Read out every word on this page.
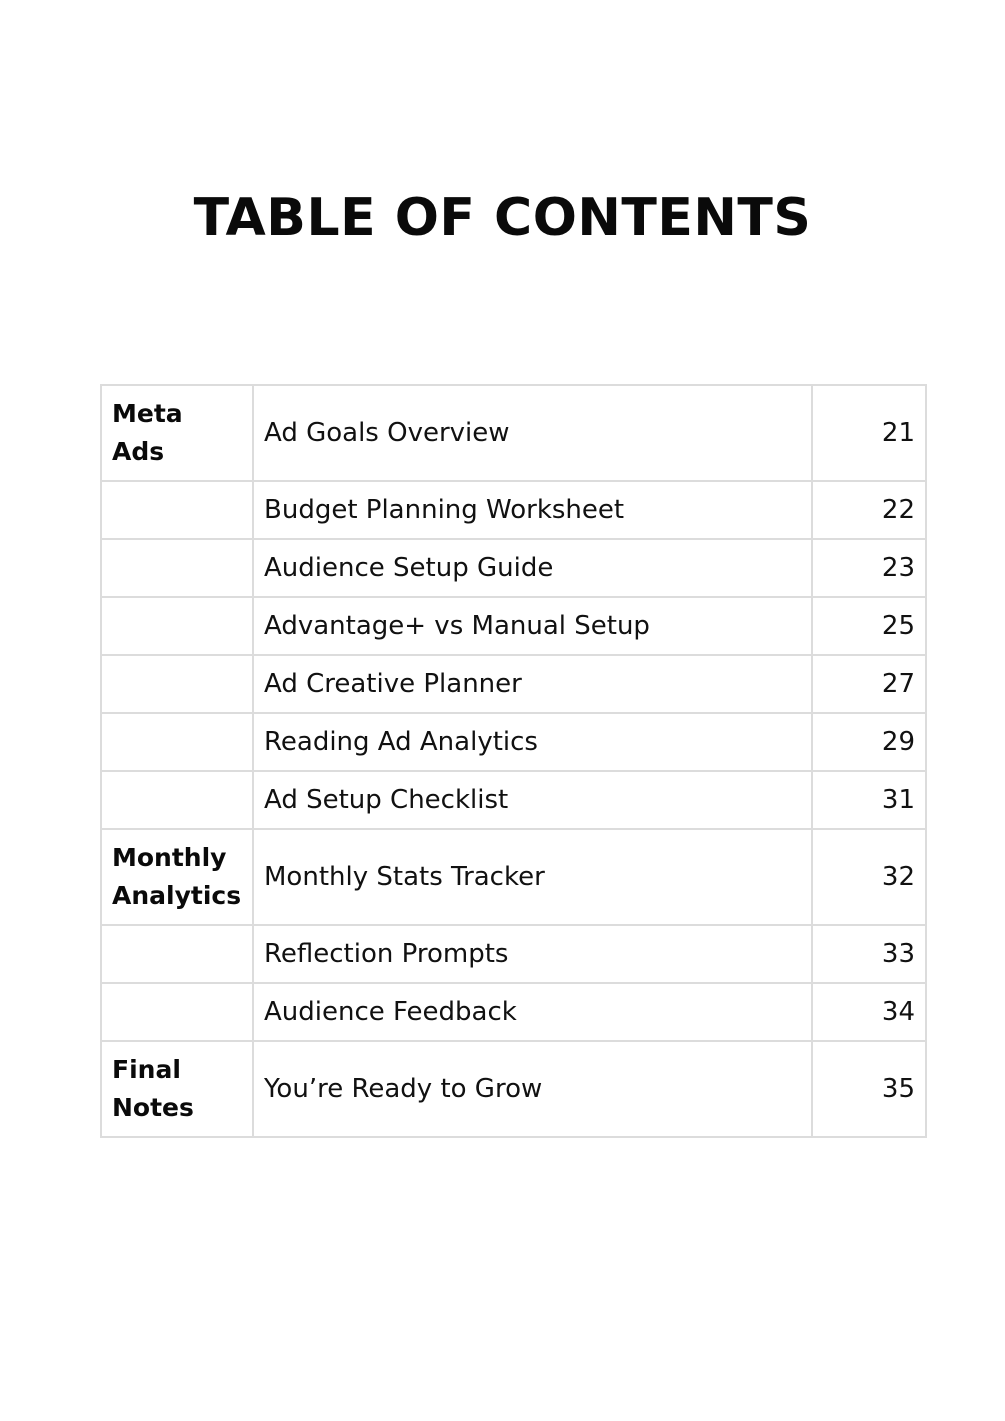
TABLE OF CONTENTS
Meta
Ads	Ad Goals Overview	21
	Budget Planning Worksheet	22
	Audience Setup Guide	23
	Advantage+ vs Manual Setup	25
	Ad Creative Planner	27
	Reading Ad Analytics	29
	Ad Setup Checklist	31
Monthly
Analytics	Monthly Stats Tracker	32
	Reflection Prompts	33
	Audience Feedback	34
Final
Notes	You’re Ready to Grow	35
